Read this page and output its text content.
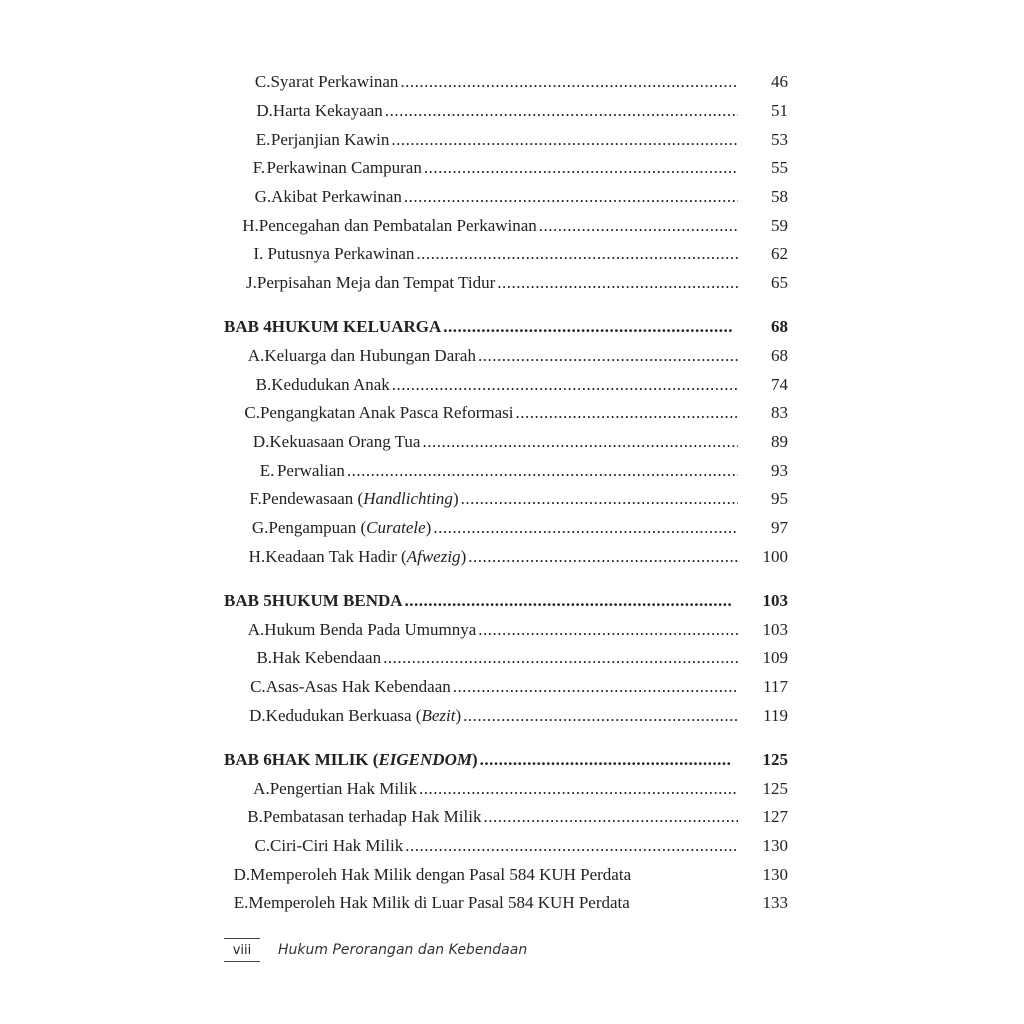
C. Syarat Perkawinan .....	46
D. Harta Kekayaan .....	51
E. Perjanjian Kawin .....	53
F. Perkawinan Campuran .....	55
G. Akibat Perkawinan .....	58
H. Pencegahan dan Pembatalan Perkawinan .....	59
I. Putusnya Perkawinan .....	62
J. Perpisahan Meja dan Tempat Tidur .....	65
BAB 4 HUKUM KELUARGA .....	68
A. Keluarga dan Hubungan Darah .....	68
B. Kedudukan Anak .....	74
C. Pengangkatan Anak Pasca Reformasi .....	83
D. Kekuasaan Orang Tua .....	89
E. Perwalian .....	93
F. Pendewasaan (Handlichting) .....	95
G. Pengampuan (Curatele) .....	97
H. Keadaan Tak Hadir (Afwezig) .....	100
BAB 5 HUKUM BENDA .....	103
A. Hukum Benda Pada Umumnya .....	103
B. Hak Kebendaan .....	109
C. Asas-Asas Hak Kebendaan .....	117
D. Kedudukan Berkuasa (Bezit) .....	119
BAB 6 HAK MILIK (EIGENDOM) .....	125
A. Pengertian Hak Milik .....	125
B. Pembatasan terhadap Hak Milik .....	127
C. Ciri-Ciri Hak Milik .....	130
D. Memperoleh Hak Milik dengan Pasal 584 KUH Perdata	130
E. Memperoleh Hak Milik di Luar Pasal 584 KUH Perdata	133
viii	Hukum Perorangan dan Kebendaan
